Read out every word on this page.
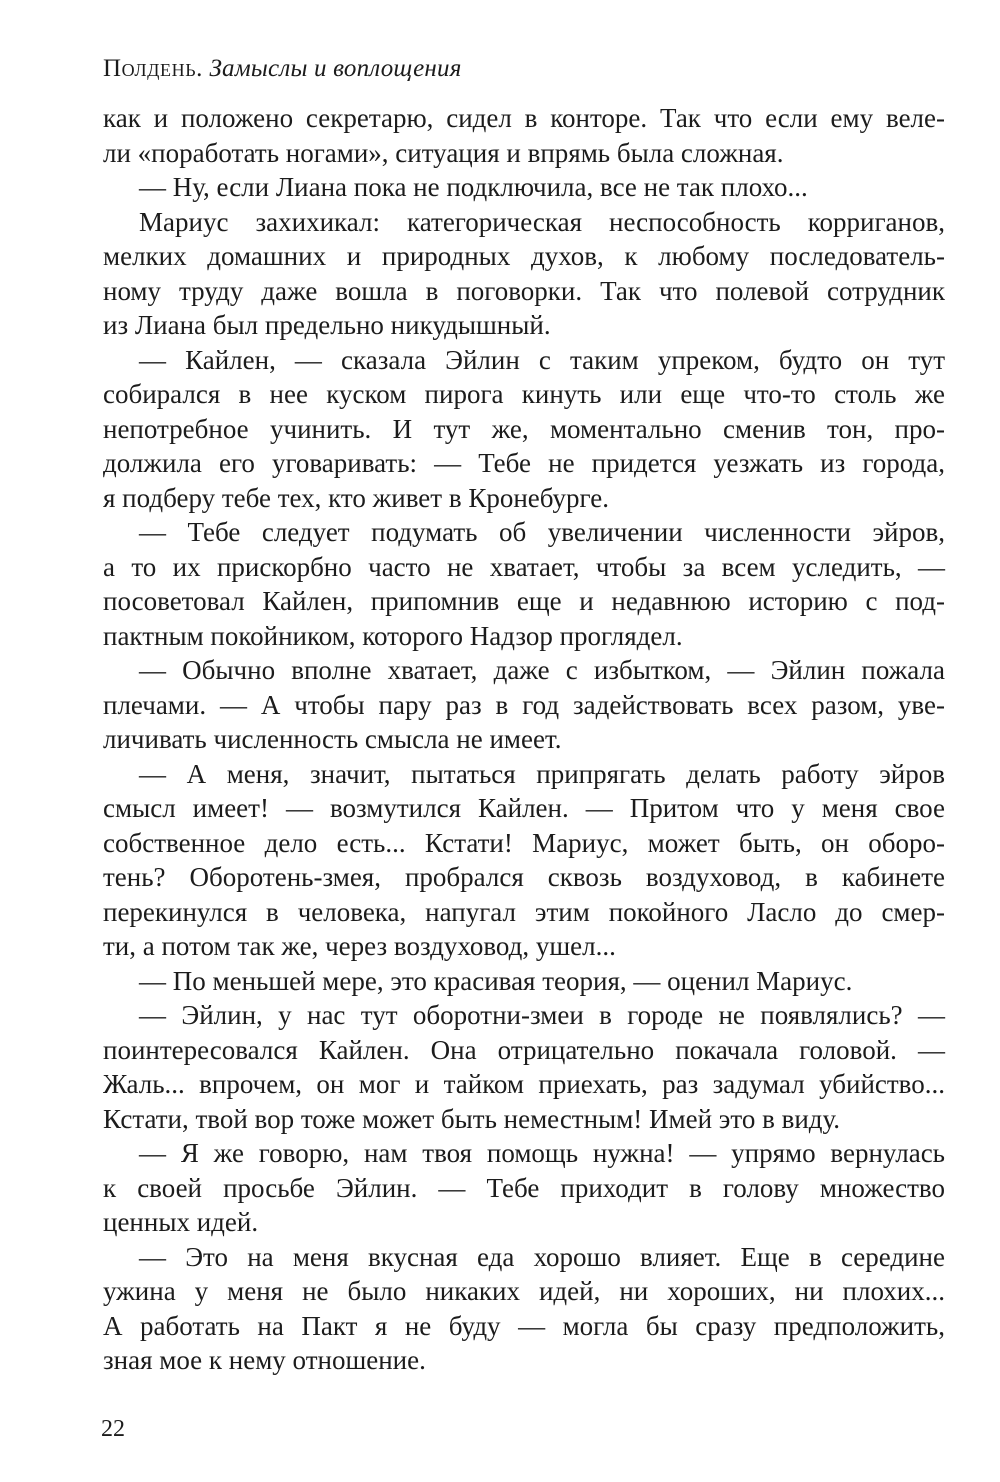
Полдень. Замыслы и воплощения
как и положено секретарю, сидел в конторе. Так что если ему веле-
ли «поработать ногами», ситуация и впрямь была сложная.
— Ну, если Лиана пока не подключила, все не так плохо...
Мариус захихикал: категорическая неспособность корриганов,
мелких домашних и природных духов, к любому последователь-
ному труду даже вошла в поговорки. Так что полевой сотрудник
из Лиана был предельно никудышный.
— Кайлен, — сказала Эйлин с таким упреком, будто он тут
собирался в нее куском пирога кинуть или еще что-то столь же
непотребное учинить. И тут же, моментально сменив тон, про-
должила его уговаривать: — Тебе не придется уезжать из города,
я подберу тебе тех, кто живет в Кронебурге.
— Тебе следует подумать об увеличении численности эйров,
а то их прискорбно часто не хватает, чтобы за всем уследить, —
посоветовал Кайлен, припомнив еще и недавнюю историю с под-
пактным покойником, которого Надзор проглядел.
— Обычно вполне хватает, даже с избытком, — Эйлин пожала
плечами. — А чтобы пару раз в год задействовать всех разом, уве-
личивать численность смысла не имеет.
— А меня, значит, пытаться припрягать делать работу эйров
смысл имеет! — возмутился Кайлен. — Притом что у меня свое
собственное дело есть... Кстати! Мариус, может быть, он оборо-
тень? Оборотень-змея, пробрался сквозь воздуховод, в кабинете
перекинулся в человека, напугал этим покойного Ласло до смер-
ти, а потом так же, через воздуховод, ушел...
— По меньшей мере, это красивая теория, — оценил Мариус.
— Эйлин, у нас тут оборотни-змеи в городе не появлялись? —
поинтересовался Кайлен. Она отрицательно покачала головой. —
Жаль... впрочем, он мог и тайком приехать, раз задумал убийство...
Кстати, твой вор тоже может быть неместным! Имей это в виду.
— Я же говорю, нам твоя помощь нужна! — упрямо вернулась
к своей просьбе Эйлин. — Тебе приходит в голову множество
ценных идей.
— Это на меня вкусная еда хорошо влияет. Еще в середине
ужина у меня не было никаких идей, ни хороших, ни плохих...
А работать на Пакт я не буду — могла бы сразу предположить,
зная мое к нему отношение.
22
